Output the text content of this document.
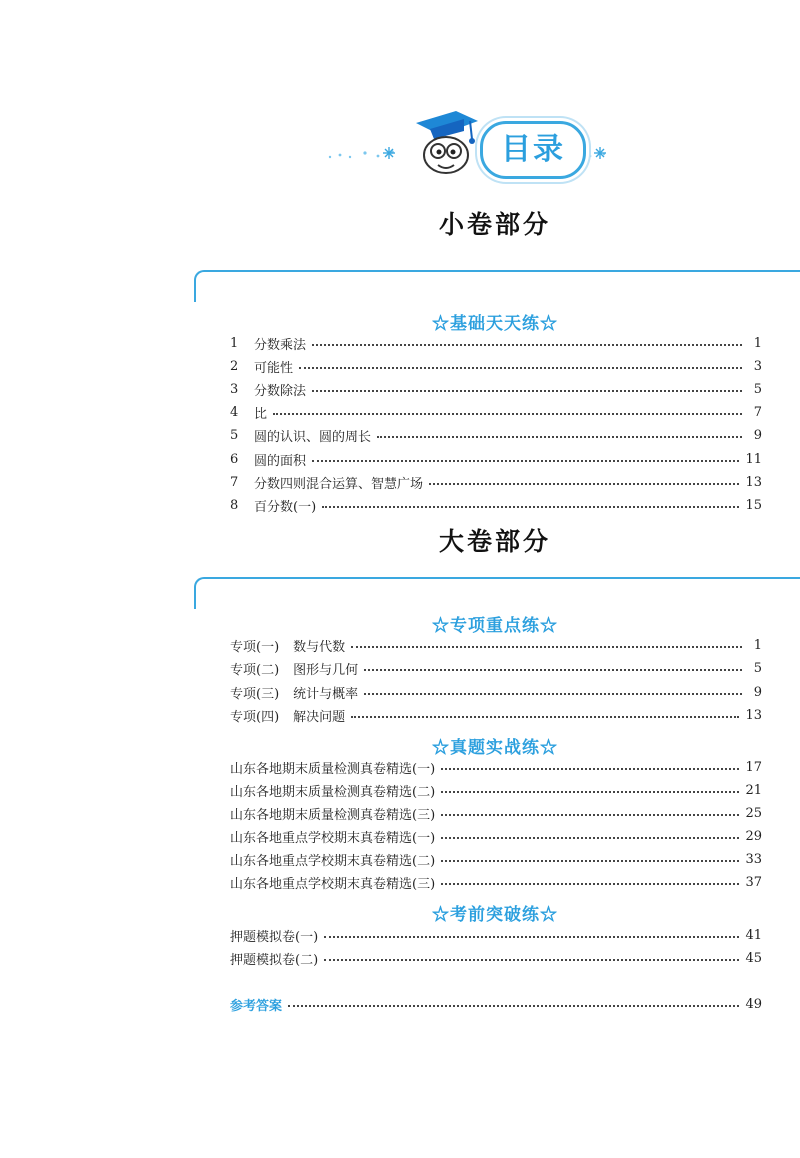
目录
小卷部分
☆基础天天练☆
1	分数乘法	1
2	可能性	3
3	分数除法	5
4	比	7
5	圆的认识、圆的周长	9
6	圆的面积	11
7	分数四则混合运算、智慧广场	13
8	百分数(一)	15
大卷部分
☆专项重点练☆
专项(一) 数与代数	1
专项(二) 图形与几何	5
专项(三) 统计与概率	9
专项(四) 解决问题	13
☆真题实战练☆
山东各地期末质量检测真卷精选(一)	17
山东各地期末质量检测真卷精选(二)	21
山东各地期末质量检测真卷精选(三)	25
山东各地重点学校期末真卷精选(一)	29
山东各地重点学校期末真卷精选(二)	33
山东各地重点学校期末真卷精选(三)	37
☆考前突破练☆
押题模拟卷(一)	41
押题模拟卷(二)	45
参考答案	49
